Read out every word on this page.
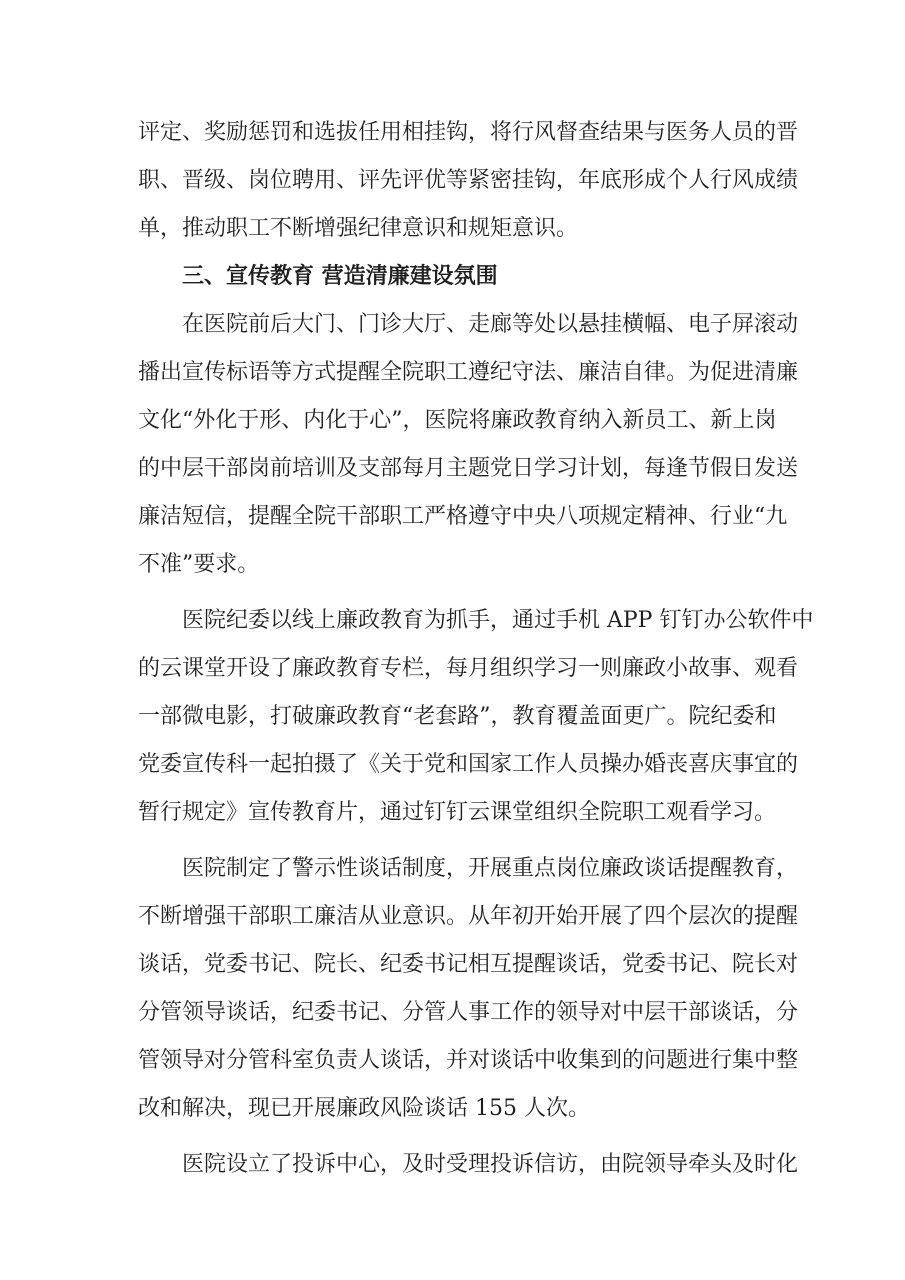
评定、奖励惩罚和选拔任用相挂钩，将行风督查结果与医务人员的晋
职、晋级、岗位聘用、评先评优等紧密挂钩，年底形成个人行风成绩
单，推动职工不断增强纪律意识和规矩意识。
三、宣传教育 营造清廉建设氛围
在医院前后大门、门诊大厅、走廊等处以悬挂横幅、电子屏滚动
播出宣传标语等方式提醒全院职工遵纪守法、廉洁自律。为促进清廉
文化“外化于形、内化于心”，医院将廉政教育纳入新员工、新上岗
的中层干部岗前培训及支部每月主题党日学习计划，每逢节假日发送
廉洁短信，提醒全院干部职工严格遵守中央八项规定精神、行业“九
不准”要求。
医院纪委以线上廉政教育为抓手，通过手机 APP 钉钉办公软件中
的云课堂开设了廉政教育专栏，每月组织学习一则廉政小故事、观看
一部微电影，打破廉政教育“老套路”，教育覆盖面更广。院纪委和
党委宣传科一起拍摄了《关于党和国家工作人员操办婚丧喜庆事宜的
暂行规定》宣传教育片，通过钉钉云课堂组织全院职工观看学习。
医院制定了警示性谈话制度，开展重点岗位廉政谈话提醒教育，
不断增强干部职工廉洁从业意识。从年初开始开展了四个层次的提醒
谈话，党委书记、院长、纪委书记相互提醒谈话，党委书记、院长对
分管领导谈话，纪委书记、分管人事工作的领导对中层干部谈话，分
管领导对分管科室负责人谈话，并对谈话中收集到的问题进行集中整
改和解决，现已开展廉政风险谈话 155 人次。
医院设立了投诉中心，及时受理投诉信访，由院领导牵头及时化
